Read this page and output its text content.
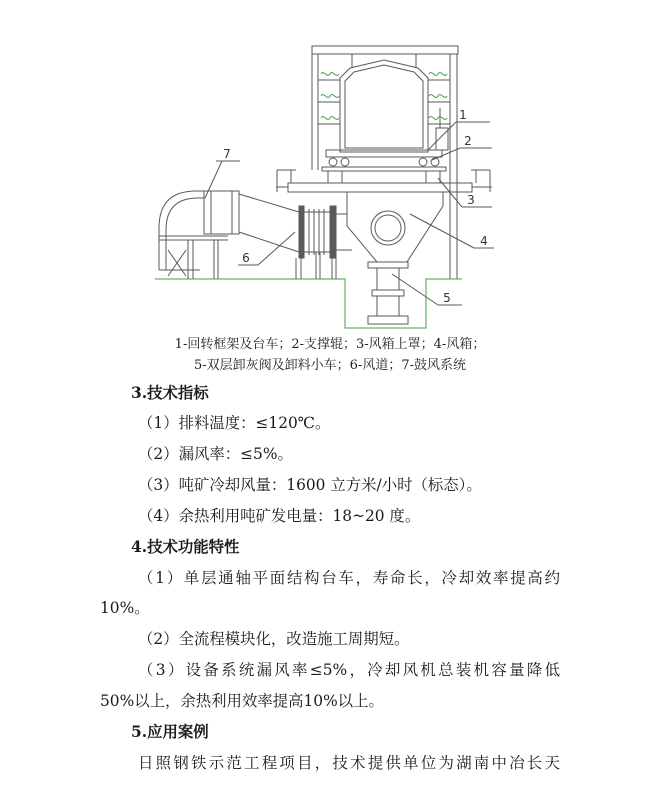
1
2
3
4
5
6
7
1-回转框架及台车；2-支撑辊；3-风箱上罩；4-风箱；
5-双层卸灰阀及卸料小车；6-风道；7-鼓风系统
3.技术指标
（1）排料温度：≤120℃。
（2）漏风率：≤5%。
（3）吨矿冷却风量：1600 立方米/小时（标态）。
（4）余热利用吨矿发电量：18~20 度。
4.技术功能特性
（1）单层通轴平面结构台车，寿命长，冷却效率提高约
10%。
（2）全流程模块化，改造施工周期短。
（3）设备系统漏风率≤5%，冷却风机总装机容量降低
50%以上，余热利用效率提高10%以上。
5.应用案例
日照钢铁示范工程项目，技术提供单位为湖南中冶长天
